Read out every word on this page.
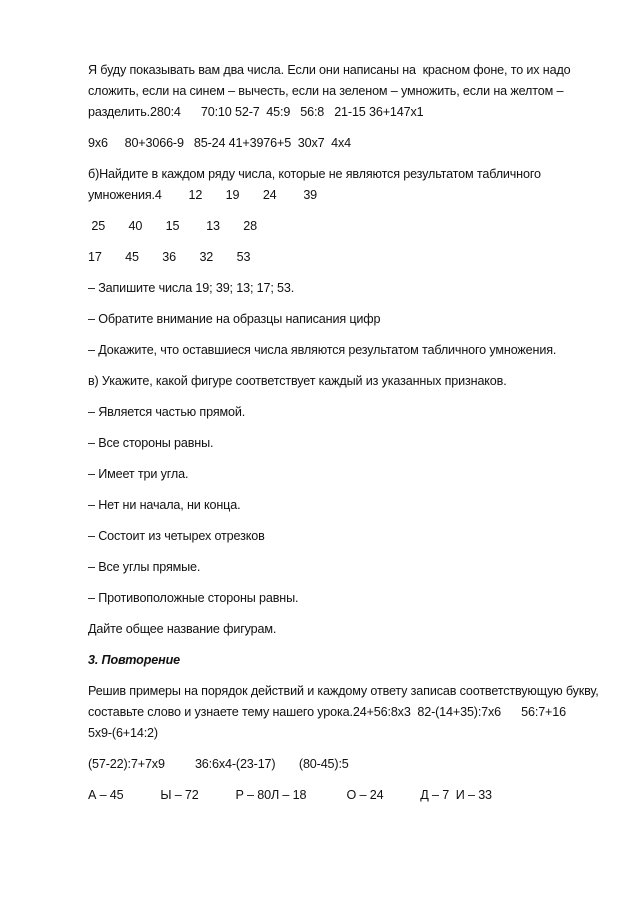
Я буду показывать вам два числа. Если они написаны на  красном фоне, то их надо сложить, если на синем – вычесть, если на зеленом – умножить, если на желтом – разделить.280:4      70:10 52-7  45:9   56:8   21-15 36+147х1

9х6     80+3066-9   85-24 41+3976+5  30х7  4х4

б)Найдите в каждом ряду числа, которые не являются результатом табличного умножения.4        12       19       24        39

25       40       15        13       28

17       45       36       32       53

– Запишите числа 19; 39; 13; 17; 53.

– Обратите внимание на образцы написания цифр

– Докажите, что оставшиеся числа являются результатом табличного умножения.

в) Укажите, какой фигуре соответствует каждый из указанных признаков.

– Является частью прямой.

– Все стороны равны.

– Имеет три угла.

– Нет ни начала, ни конца.

– Состоит из четырех отрезков

– Все углы прямые.

– Противоположные стороны равны.

Дайте общее название фигурам.

3. Повторение

Решив примеры на порядок действий и каждому ответу записав соответствующую букву, составьте слово и узнаете тему нашего урока.24+56:8х3  82-(14+35):7х6      56:7+16       5х9-(6+14:2)

(57-22):7+7х9         36:6х4-(23-17)       (80-45):5

А – 45           Ы – 72           Р – 80Л – 18            О – 24           Д – 7  И – 33
